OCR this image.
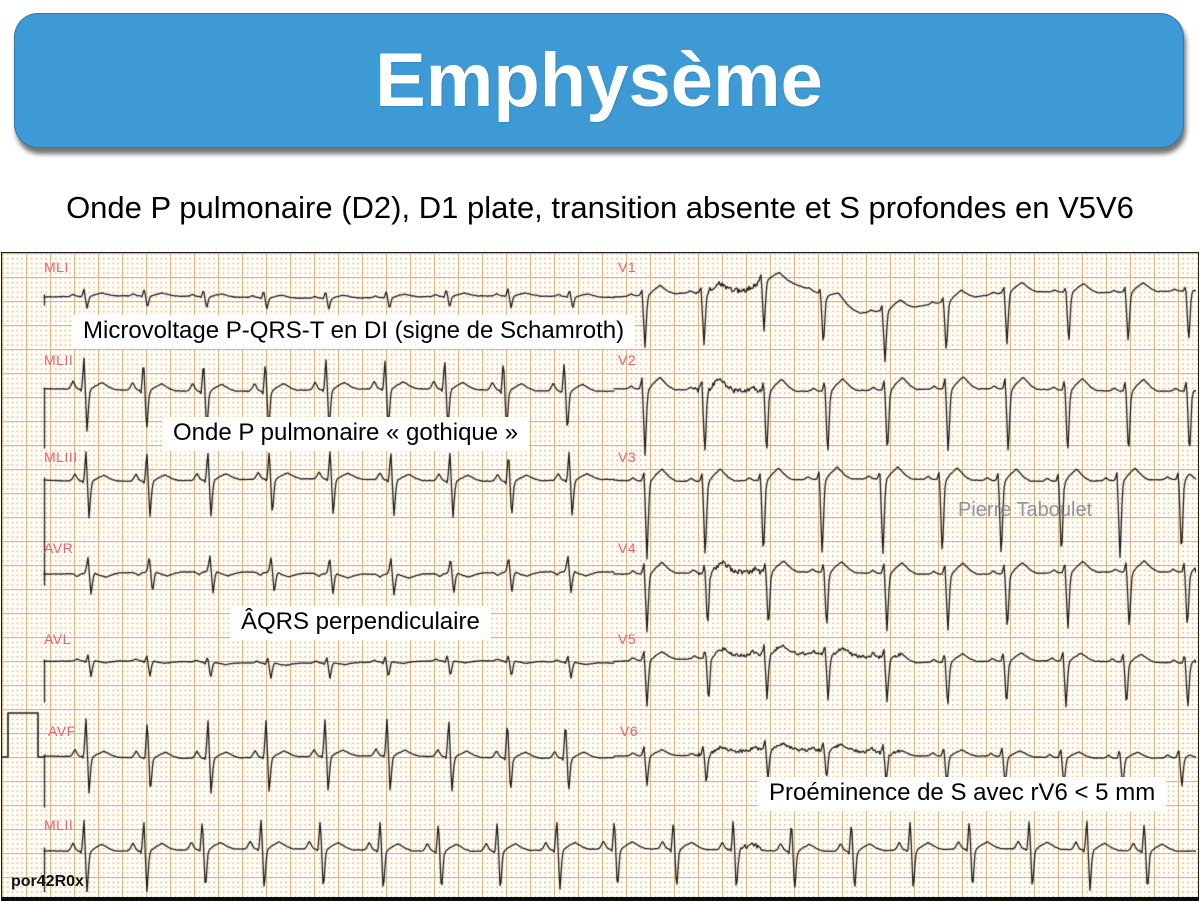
Emphysème
Onde P pulmonaire (D2), D1 plate, transition absente et S profondes en V5V6
MLI
MLII
MLIII
AVR
AVL
AVF
MLII
V1
V2
V3
V4
V5
V6
Microvoltage P-QRS-T en DI (signe de Schamroth)
Onde P pulmonaire « gothique »
ÂQRS perpendiculaire
Proéminence de S avec rV6 < 5 mm
Pierre Taboulet
por42R0x
